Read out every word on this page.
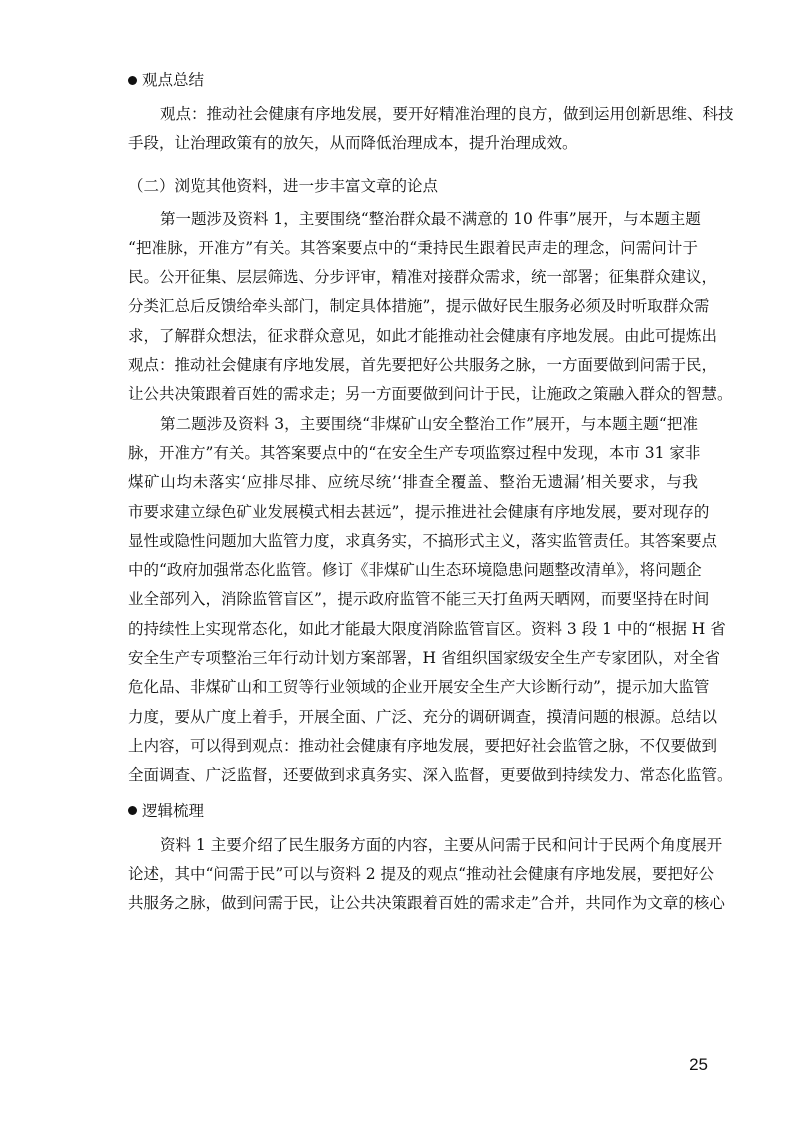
观点总结

观点：推动社会健康有序地发展，要开好精准治理的良方，做到运用创新思维、科技
手段，让治理政策有的放矢，从而降低治理成本，提升治理成效。

（二）浏览其他资料，进一步丰富文章的论点

第一题涉及资料 1，主要围绕“整治群众最不满意的 10 件事”展开，与本题主题
“把准脉，开准方”有关。其答案要点中的“秉持民生跟着民声走的理念，问需问计于
民。公开征集、层层筛选、分步评审，精准对接群众需求，统一部署；征集群众建议，
分类汇总后反馈给牵头部门，制定具体措施”，提示做好民生服务必须及时听取群众需
求，了解群众想法，征求群众意见，如此才能推动社会健康有序地发展。由此可提炼出
观点：推动社会健康有序地发展，首先要把好公共服务之脉，一方面要做到问需于民，
让公共决策跟着百姓的需求走；另一方面要做到问计于民，让施政之策融入群众的智慧。

第二题涉及资料 3，主要围绕“非煤矿山安全整治工作”展开，与本题主题“把准
脉，开准方”有关。其答案要点中的“在安全生产专项监察过程中发现，本市 31 家非
煤矿山均未落实‘应排尽排、应统尽统’‘排查全覆盖、整治无遗漏’相关要求，与我
市要求建立绿色矿业发展模式相去甚远”，提示推进社会健康有序地发展，要对现存的
显性或隐性问题加大监管力度，求真务实，不搞形式主义，落实监管责任。其答案要点
中的“政府加强常态化监管。修订《非煤矿山生态环境隐患问题整改清单》，将问题企
业全部列入，消除监管盲区”，提示政府监管不能三天打鱼两天晒网，而要坚持在时间
的持续性上实现常态化，如此才能最大限度消除监管盲区。资料 3 段 1 中的“根据 H 省
安全生产专项整治三年行动计划方案部署，H 省组织国家级安全生产专家团队，对全省
危化品、非煤矿山和工贸等行业领域的企业开展安全生产大诊断行动”，提示加大监管
力度，要从广度上着手，开展全面、广泛、充分的调研调查，摸清问题的根源。总结以
上内容，可以得到观点：推动社会健康有序地发展，要把好社会监管之脉，不仅要做到
全面调查、广泛监督，还要做到求真务实、深入监督，更要做到持续发力、常态化监管。

逻辑梳理

资料 1 主要介绍了民生服务方面的内容，主要从问需于民和问计于民两个角度展开
论述，其中“问需于民”可以与资料 2 提及的观点“推动社会健康有序地发展，要把好公
共服务之脉，做到问需于民，让公共决策跟着百姓的需求走”合并，共同作为文章的核心

25
